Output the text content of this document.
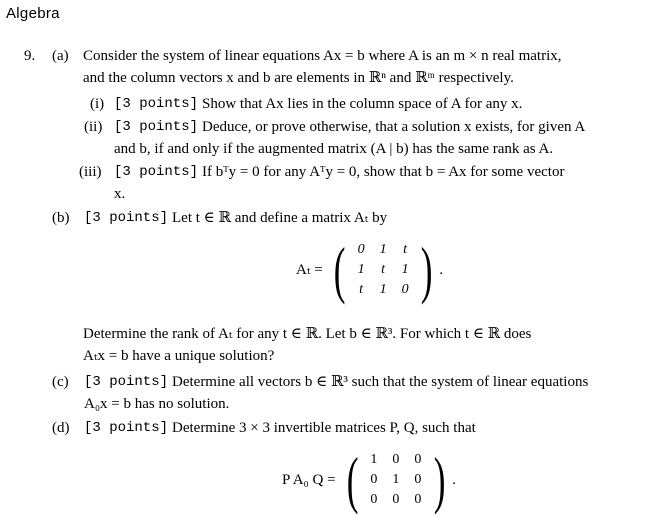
Algebra
9. (a) Consider the system of linear equations Ax = b where A is an m × n real matrix,
and the column vectors x and b are elements in ℝⁿ and ℝᵐ respectively.
(i) [3 points] Show that Ax lies in the column space of A for any x.
(ii) [3 points] Deduce, or prove otherwise, that a solution x exists, for given A
and b, if and only if the augmented matrix (A | b) has the same rank as A.
(iii) [3 points] If bᵀy = 0 for any Aᵀy = 0, show that b = Ax for some vector
x.
(b) [3 points] Let t ∈ ℝ and define a matrix Aₜ by
Aₜ = ( 0	1	t
1	t	1
t	1	0 ) .
Determine the rank of Aₜ for any t ∈ ℝ. Let b ∈ ℝ³. For which t ∈ ℝ does
Aₜx = b have a unique solution?
(c) [3 points] Determine all vectors b ∈ ℝ³ such that the system of linear equations
A₀x = b has no solution.
(d) [3 points] Determine 3 × 3 invertible matrices P, Q, such that
P A₀ Q = ( 1	0	0
0	1	0
0	0	0 ) .
